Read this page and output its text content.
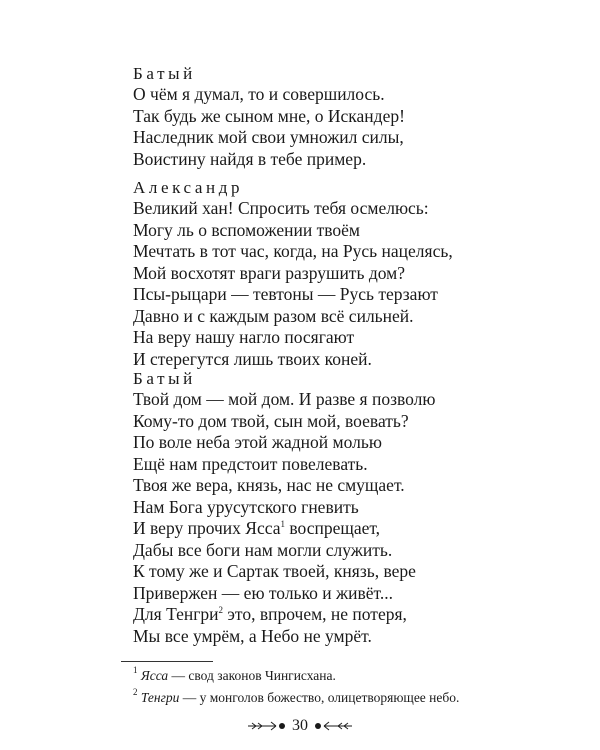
Батый
О чём я думал, то и совершилось.
Так будь же сыном мне, о Искандер!
Наследник мой свои умножил силы,
Воистину найдя в тебе пример.
Александр
Великий хан! Спросить тебя осмелюсь:
Могу ль о вспоможении твоём
Мечтать в тот час, когда, на Русь нацелясь,
Мой восхотят враги разрушить дом?
Псы-рыцари — тевтоны — Русь терзают
Давно и с каждым разом всё сильней.
На веру нашу нагло посягают
И стерегутся лишь твоих коней.
Батый
Твой дом — мой дом. И разве я позволю
Кому-то дом твой, сын мой, воевать?
По воле неба этой жадной молью
Ещё нам предстоит повелевать.
Твоя же вера, князь, нас не смущает.
Нам Бога урусутского гневить
И веру прочих Ясса$^1$ воспрещает,
Дабы все боги нам могли служить.
К тому же и Сартак твоей, князь, вере
Привержен — ею только и живёт...
Для Тенгри$^2$ это, впрочем, не потеря,
Мы все умрём, а Небо не умрёт.
$^1$ Ясса — свод законов Чингисхана.
$^2$ Тенгри — у монголов божество, олицетворяющее небо.
30
